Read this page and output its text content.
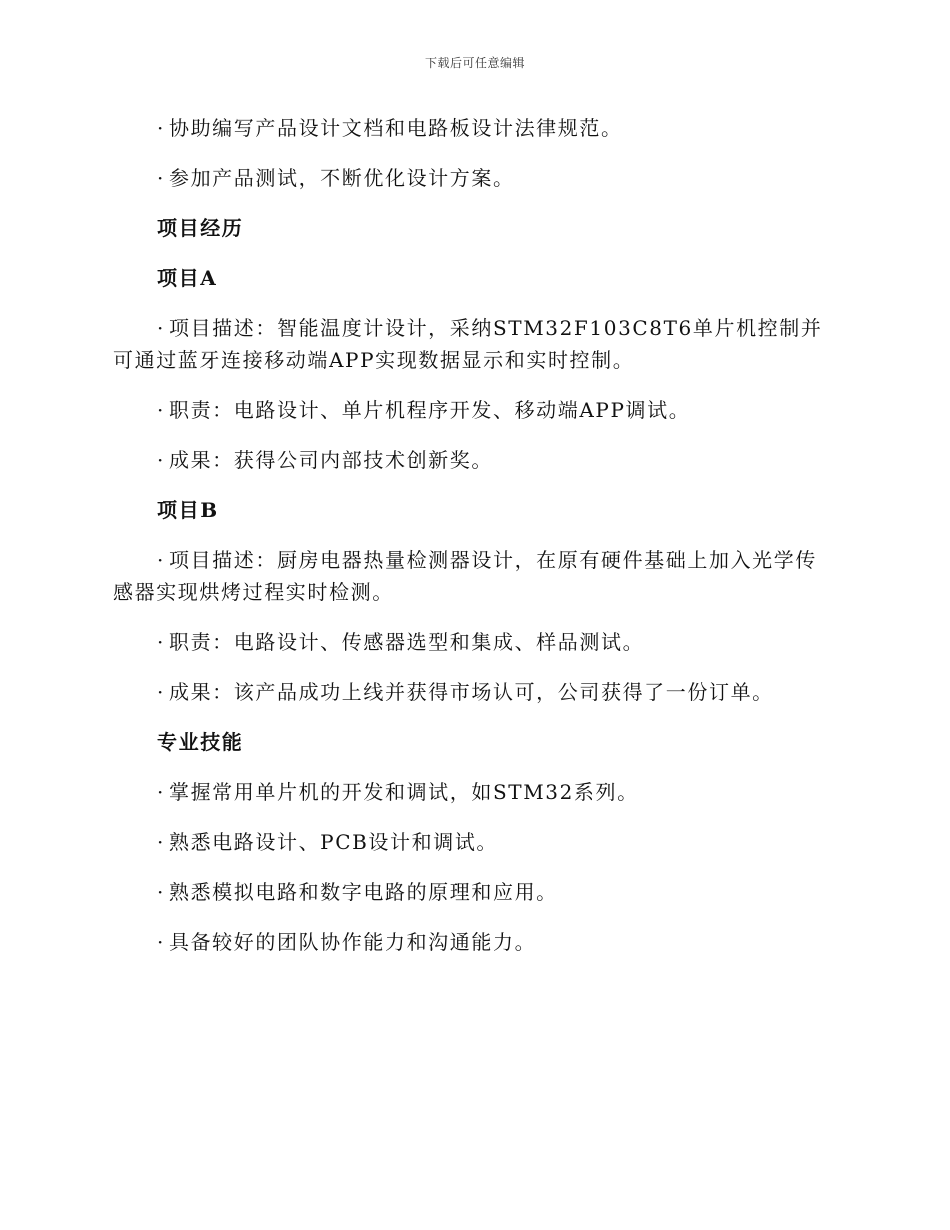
下载后可任意编辑

· 协助编写产品设计文档和电路板设计法律规范。

· 参加产品测试，不断优化设计方案。

项目经历

项目A

· 项目描述：智能温度计设计，采纳STM32F103C8T6单片机控制并可通过蓝牙连接移动端APP实现数据显示和实时控制。

· 职责：电路设计、单片机程序开发、移动端APP调试。

· 成果：获得公司内部技术创新奖。

项目B

· 项目描述：厨房电器热量检测器设计，在原有硬件基础上加入光学传感器实现烘烤过程实时检测。

· 职责：电路设计、传感器选型和集成、样品测试。

· 成果：该产品成功上线并获得市场认可，公司获得了一份订单。

专业技能

· 掌握常用单片机的开发和调试，如STM32系列。

· 熟悉电路设计、PCB设计和调试。

· 熟悉模拟电路和数字电路的原理和应用。

· 具备较好的团队协作能力和沟通能力。
